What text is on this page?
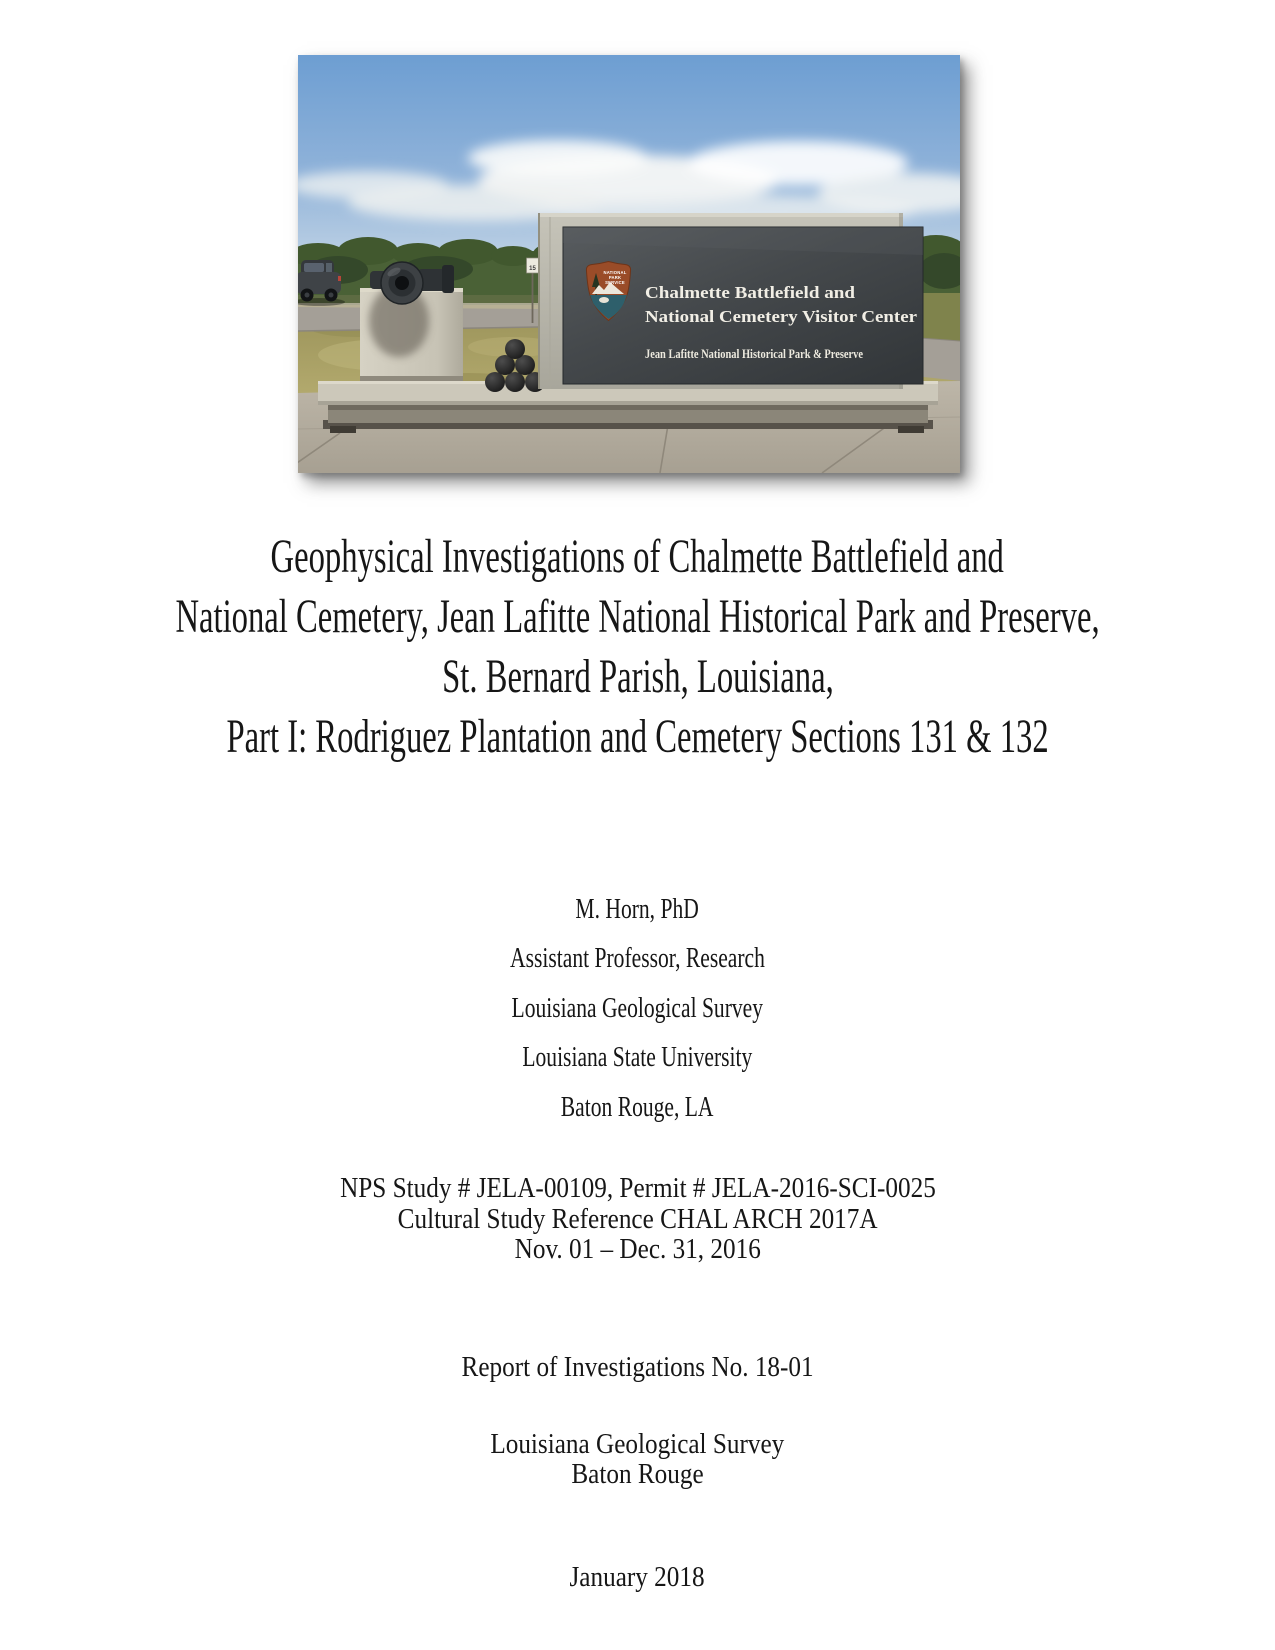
15
NATIONAL
PARK
SERVICE
Chalmette Battlefield and
National Cemetery Visitor Center
Jean Lafitte National Historical Park & Preserve
Geophysical Investigations of Chalmette Battlefield and
National Cemetery, Jean Lafitte National Historical Park and Preserve,
St. Bernard Parish, Louisiana,
Part I: Rodriguez Plantation and Cemetery Sections 131 & 132
M. Horn, PhD
Assistant Professor, Research
Louisiana Geological Survey
Louisiana State University
Baton Rouge, LA
NPS Study # JELA-00109, Permit # JELA-2016-SCI-0025
Cultural Study Reference CHAL ARCH 2017A
Nov. 01 – Dec. 31, 2016
Report of Investigations No. 18-01
Louisiana Geological Survey
Baton Rouge
January 2018
